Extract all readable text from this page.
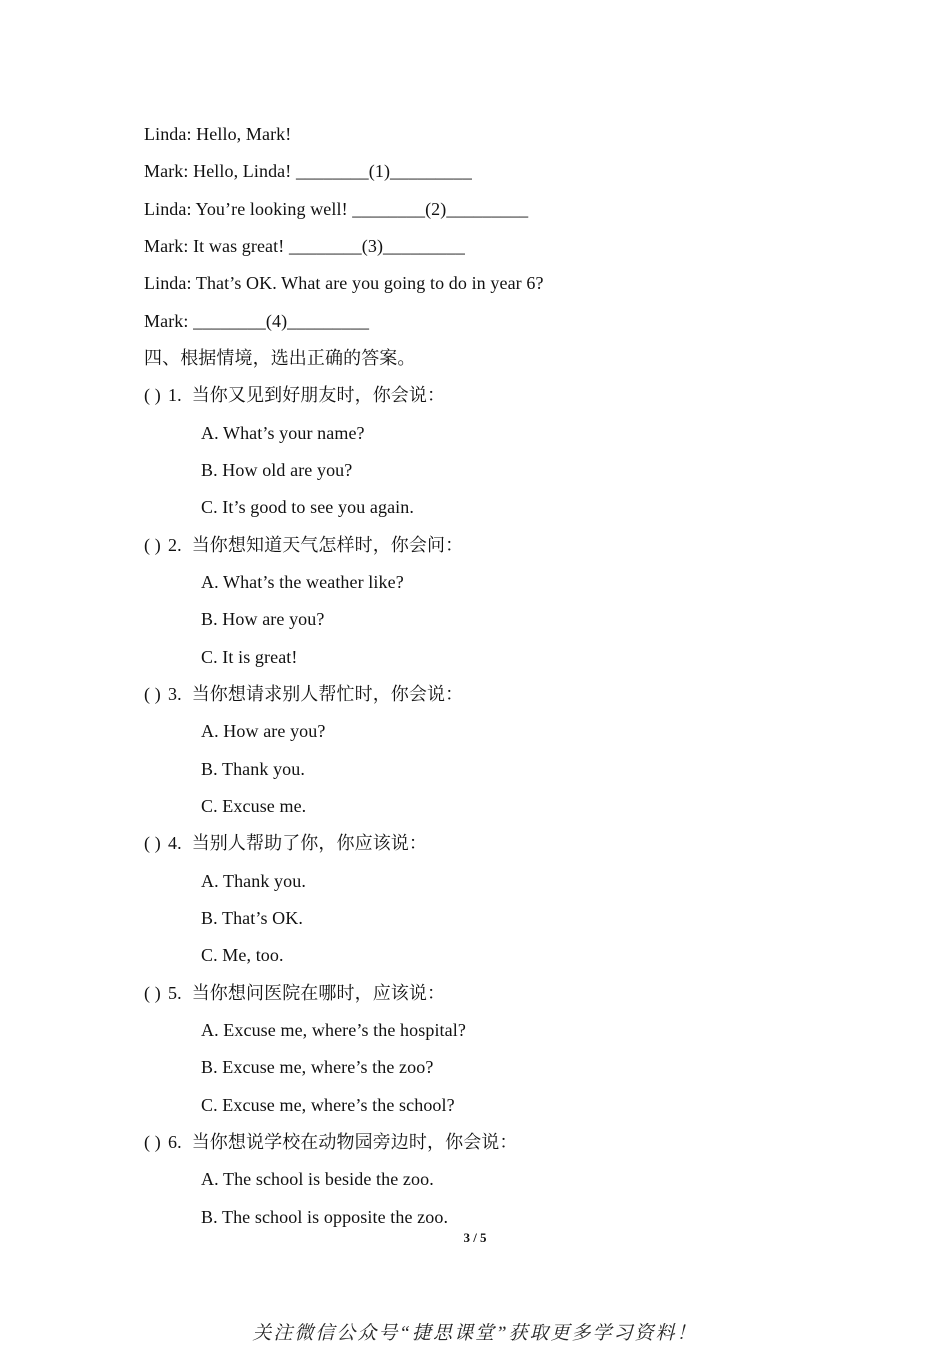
Linda: Hello, Mark!
Mark: Hello, Linda! ________(1)_________
Linda: You’re looking well! ________(2)_________
Mark: It was great! ________(3)_________
Linda: That’s OK. What are you going to do in year 6?
Mark: ________(4)_________
四、根据情境，选出正确的答案。
( ) 1. 当你又见到好朋友时，你会说：
A. What’s your name?
B. How old are you?
C. It’s good to see you again.
( ) 2. 当你想知道天气怎样时，你会问：
A. What’s the weather like?
B. How are you?
C. It is great!
( ) 3. 当你想请求别人帮忙时，你会说：
A. How are you?
B. Thank you.
C. Excuse me.
( ) 4. 当别人帮助了你，你应该说：
A. Thank you.
B. That’s OK.
C. Me, too.
( ) 5. 当你想问医院在哪时，应该说：
A. Excuse me, where’s the hospital?
B. Excuse me, where’s the zoo?
C. Excuse me, where’s the school?
( ) 6. 当你想说学校在动物园旁边时，你会说：
A. The school is beside the zoo.
B. The school is opposite the zoo.
3 / 5
关注微信公众号“捷思课堂”获取更多学习资料！
